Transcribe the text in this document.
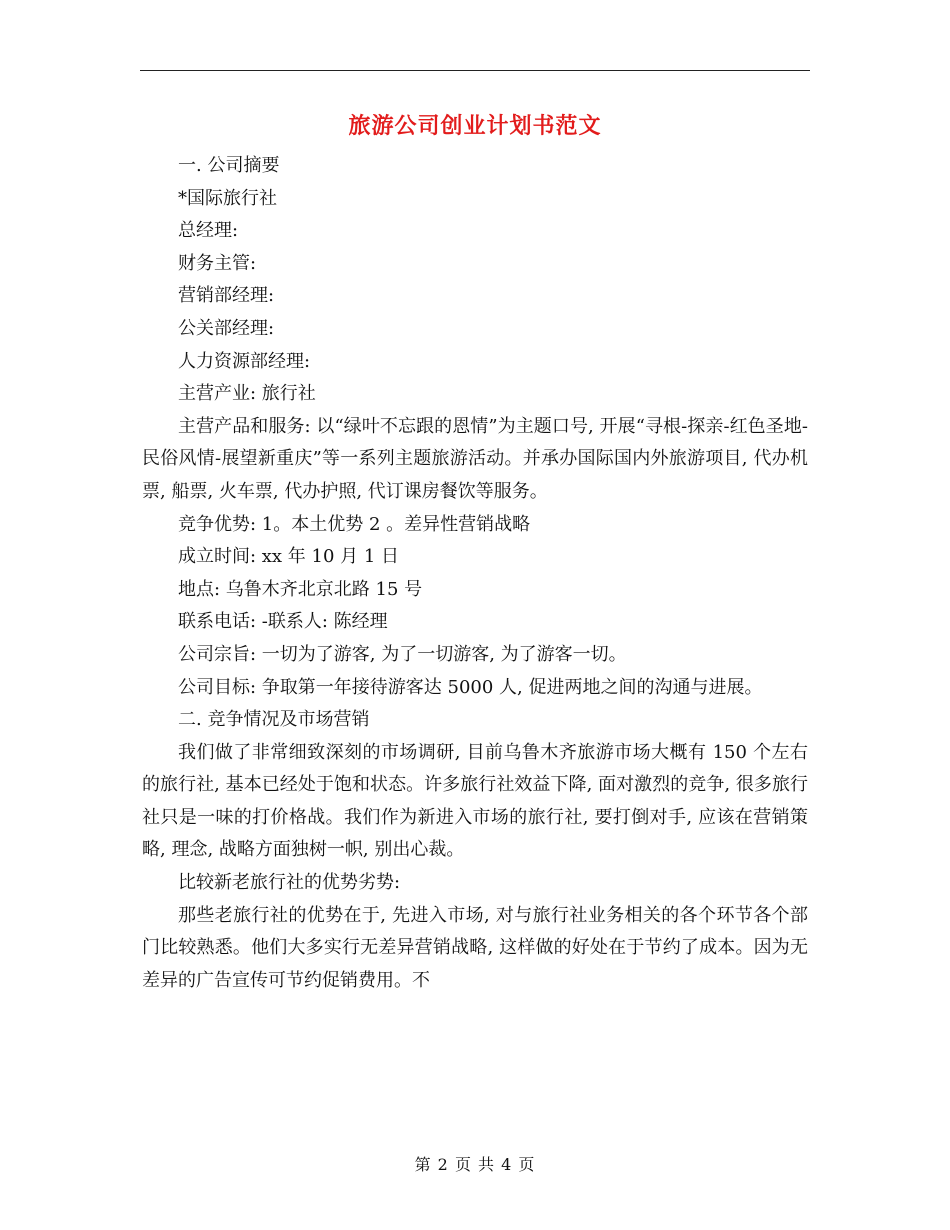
旅游公司创业计划书范文

一. 公司摘要

*国际旅行社

总经理:

财务主管:

营销部经理:

公关部经理:

人力资源部经理:

主营产业: 旅行社

主营产品和服务: 以“绿叶不忘跟的恩情”为主题口号, 开展“寻根-探亲-红色圣地-民俗风情-展望新重庆”等一系列主题旅游活动。并承办国际国内外旅游项目, 代办机票, 船票, 火车票, 代办护照, 代订课房餐饮等服务。

竞争优势: 1。本土优势 2 。差异性营销战略

成立时间: xx 年 10 月 1 日

地点: 乌鲁木齐北京北路 15 号

联系电话: -联系人: 陈经理

公司宗旨: 一切为了游客, 为了一切游客, 为了游客一切。

公司目标: 争取第一年接待游客达 5000 人, 促进两地之间的沟通与进展。

二. 竞争情况及市场营销

我们做了非常细致深刻的市场调研, 目前乌鲁木齐旅游市场大概有 150 个左右的旅行社, 基本已经处于饱和状态。许多旅行社效益下降, 面对激烈的竞争, 很多旅行社只是一味的打价格战。我们作为新进入市场的旅行社, 要打倒对手, 应该在营销策略, 理念, 战略方面独树一帜, 别出心裁。

比较新老旅行社的优势劣势:

那些老旅行社的优势在于, 先进入市场, 对与旅行社业务相关的各个环节各个部门比较熟悉。他们大多实行无差异营销战略, 这样做的好处在于节约了成本。因为无差异的广告宣传可节约促销费用。不

第 2 页 共 4 页
